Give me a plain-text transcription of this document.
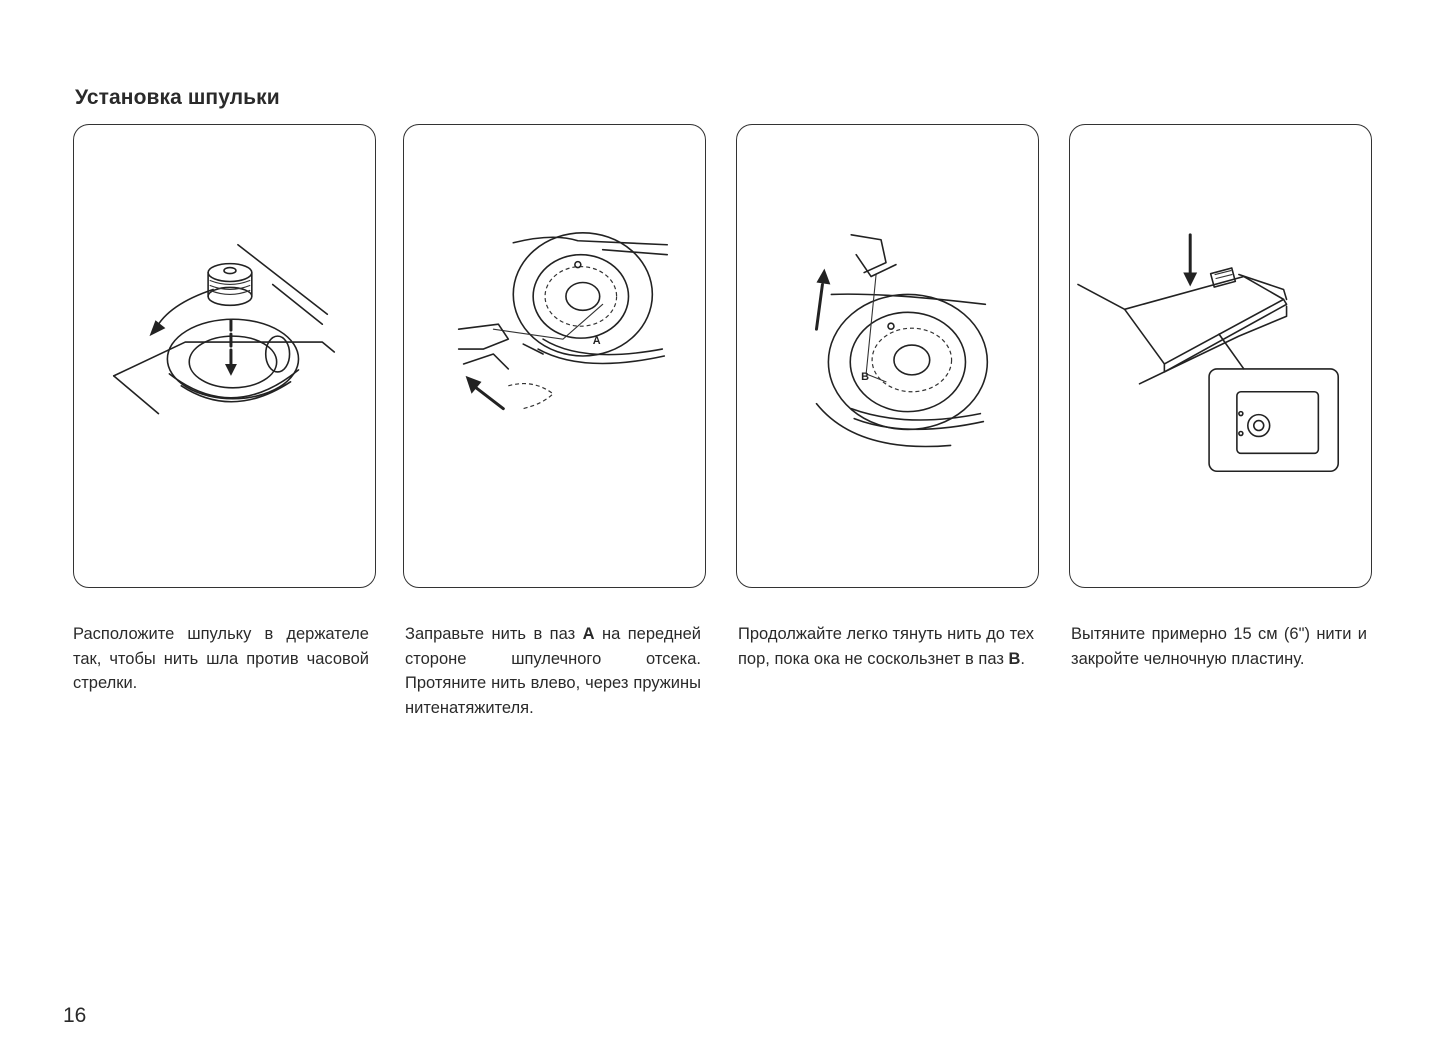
Установка шпульки
A
B
Расположите шпульку в держателе так, чтобы нить шла против часовой стрелки.
Заправьте нить в паз A на передней стороне шпулечного отсека. Протяните нить влево, через пружины нитенатяжителя.
Продолжайте легко тянуть нить до тех пор, пока ока не соскользнет в паз B.
Вытяните примерно 15 см (6") нити и закройте челночную пластину.
16
